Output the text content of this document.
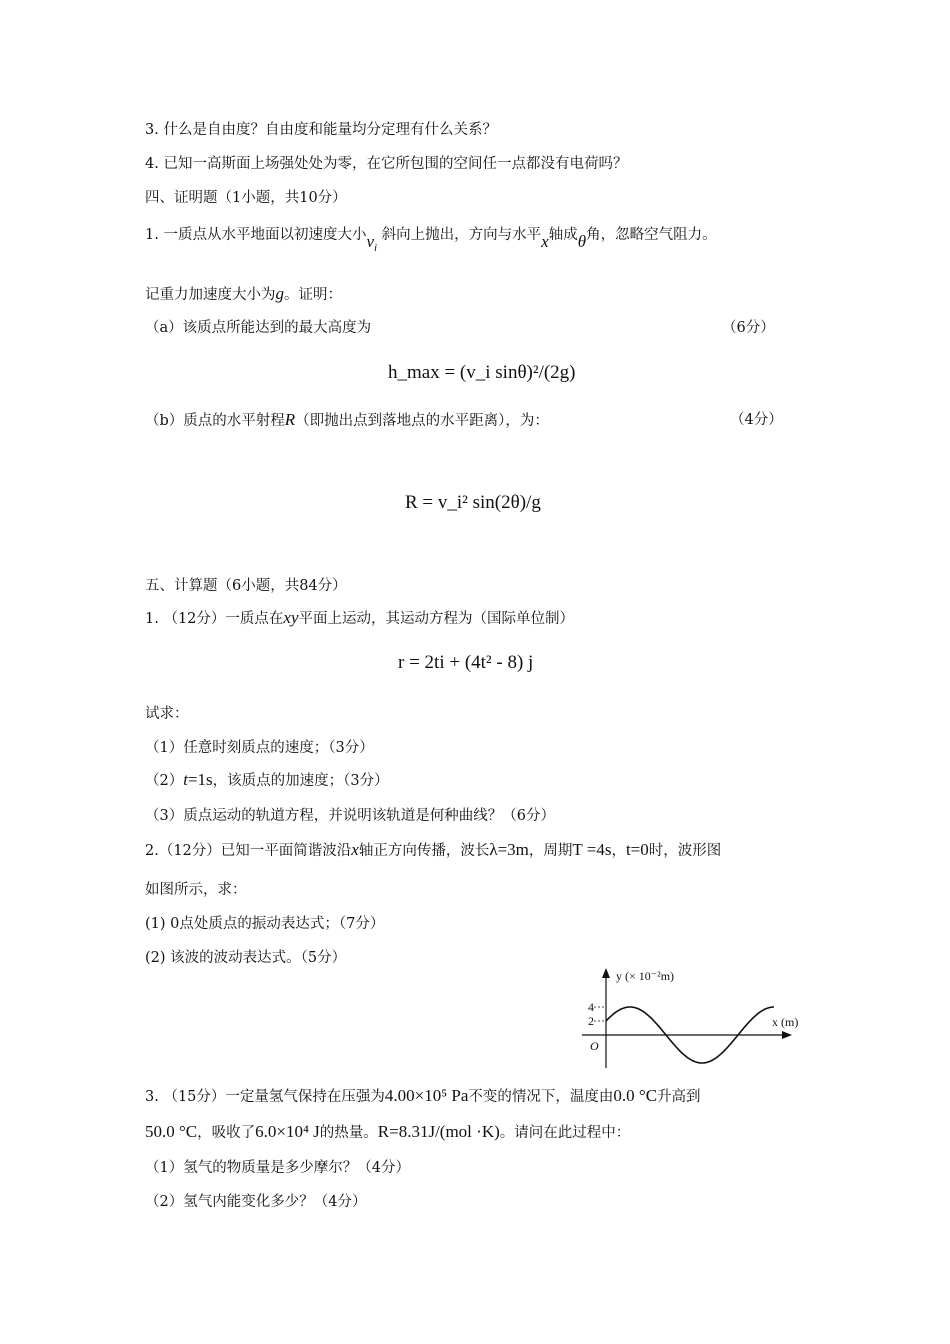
3. 什么是自由度？自由度和能量均分定理有什么关系？
4. 已知一高斯面上场强处处为零，在它所包围的空间任一点都没有电荷吗？
四、证明题（1小题，共10分）
1. 一质点从水平地面以初速度大小$v_i$ 斜向上抛出，方向与水平x轴成θ角，忽略空气阻力。
记重力加速度大小为g。证明：
（a）该质点所能达到的最大高度为	（6分）
h_max = (v_i sinθ)²/(2g)
（b）质点的水平射程R（即抛出点到落地点的水平距离），为：	（4分）
R = v_i² sin(2θ)/g
五、计算题（6小题，共84分）
1. （12分）一质点在xy平面上运动，其运动方程为（国际单位制）
r = 2ti + (4t² - 8) j
试求：
（1）任意时刻质点的速度；（3分）
（2）t=1s，该质点的加速度；（3分）
（3）质点运动的轨道方程，并说明该轨道是何种曲线？（6分）
2.（12分）已知一平面简谐波沿x轴正方向传播，波长λ=3m，周期T =4s，t=0时，波形图
如图所示，求：
(1) 0点处质点的振动表达式；（7分）
(2) 该波的波动表达式。（5分）
4
2
O
y (× 10⁻²m)
x (m)
3. （15分）一定量氢气保持在压强为4.00×10⁵ Pa不变的情况下，温度由0.0 °C升高到
50.0 °C，吸收了6.0×10⁴ J的热量。R=8.31J/(mol ·K)。请问在此过程中：
（1）氢气的物质量是多少摩尔？（4分）
（2）氢气内能变化多少？（4分）
